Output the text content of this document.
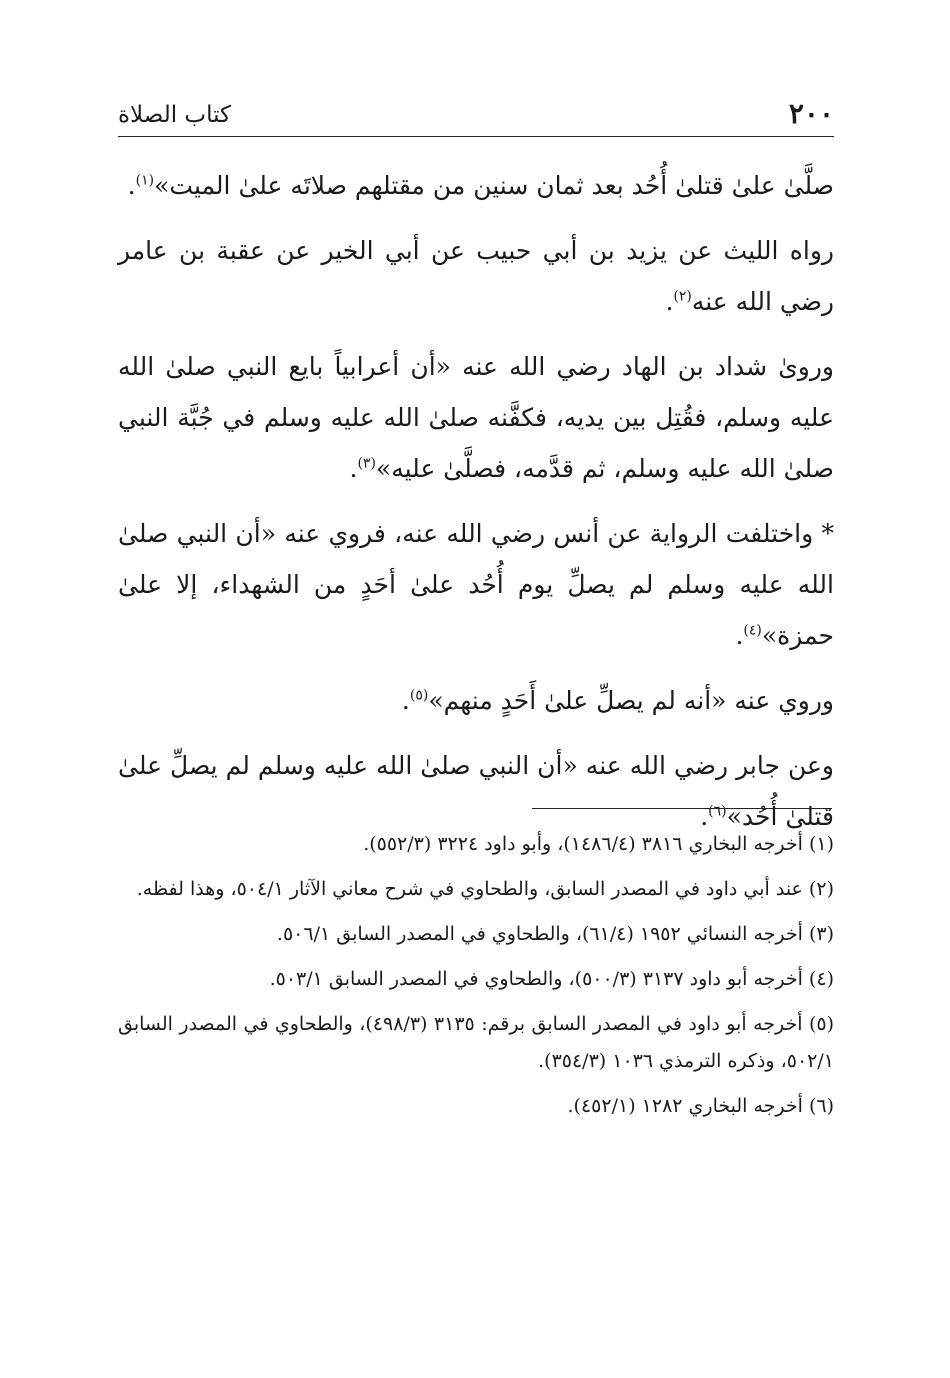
٢٠٠
كتاب الصلاة

صلَّىٰ علىٰ قتلىٰ أُحُد بعد ثمان سنين من مقتلهم صلاتَه علىٰ الميت»$^{(١)}$.

رواه الليث عن يزيد بن أبي حبيب عن أبي الخير عن عقبة بن عامر رضي الله عنه$^{(٢)}$.

ورویٰ شداد بن الهاد رضي الله عنه «أن أعرابياً بايع النبي صلىٰ الله عليه وسلم، فقُتِل بين يديه، فكفَّنه صلىٰ الله عليه وسلم في جُبَّة النبي صلىٰ الله عليه وسلم، ثم قدَّمه، فصلَّىٰ عليه»$^{(٣)}$.

* واختلفت الرواية عن أنس رضي الله عنه، فروي عنه «أن النبي صلىٰ الله عليه وسلم لم يصلِّ يوم أُحُد علىٰ أحَدٍ من الشهداء، إلا علىٰ حمزة»$^{(٤)}$.

وروي عنه «أنه لم يصلِّ علىٰ أَحَدٍ منهم»$^{(٥)}$.

وعن جابر رضي الله عنه «أن النبي صلىٰ الله عليه وسلم لم يصلِّ علىٰ قتلىٰ أُحُد»$^{(٦)}$.

(١) أخرجه البخاري ٣٨١٦ (١٤٨٦/٤)، وأبو داود ٣٢٢٤ (٥٥٢/٣).

(٢) عند أبي داود في المصدر السابق، والطحاوي في شرح معاني الآثار ٥٠٤/١، وهذا لفظه.

(٣) أخرجه النسائي ١٩٥٢ (٦١/٤)، والطحاوي في المصدر السابق ٥٠٦/١.

(٤) أخرجه أبو داود ٣١٣٧ (٥٠٠/٣)، والطحاوي في المصدر السابق ٥٠٣/١.

(٥) أخرجه أبو داود في المصدر السابق برقم: ٣١٣٥ (٤٩٨/٣)، والطحاوي في المصدر السابق ٥٠٢/١، وذكره الترمذي ١٠٣٦ (٣٥٤/٣).

(٦) أخرجه البخاري ١٢٨٢ (٤٥٢/١).
